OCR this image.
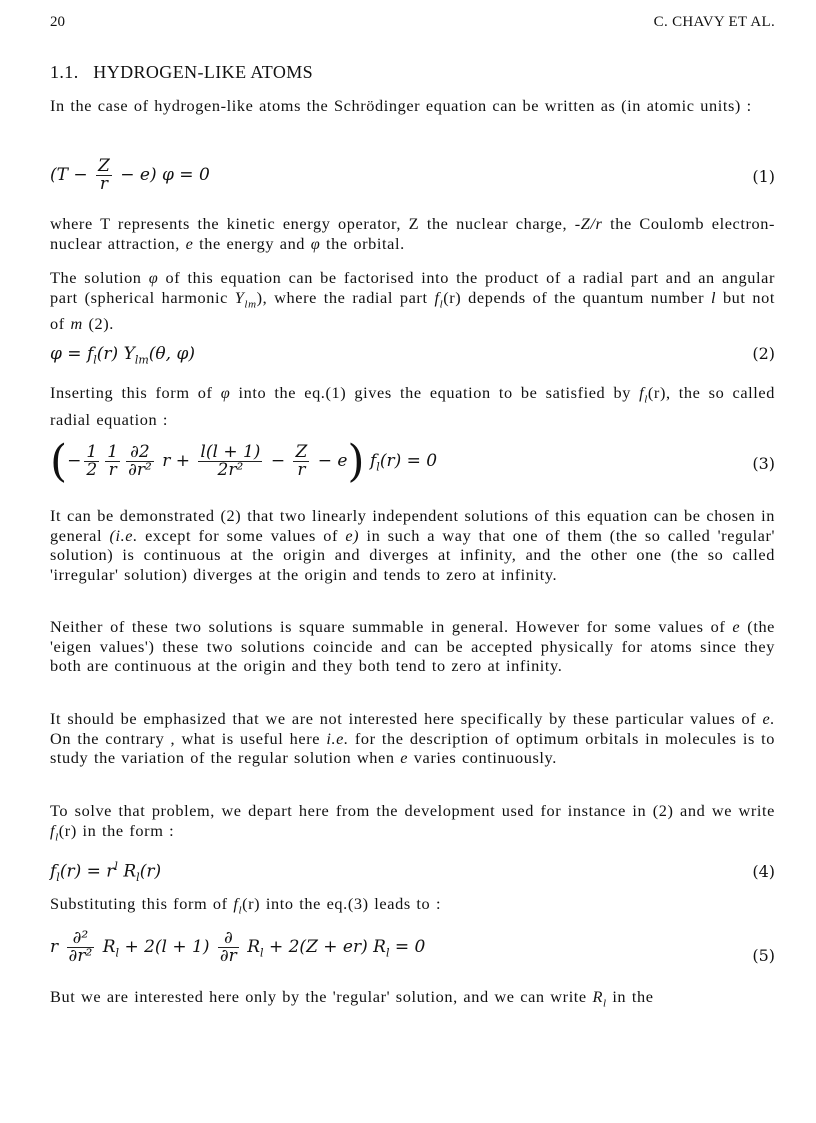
20	C. CHAVY ET AL.
1.1.   HYDROGEN-LIKE ATOMS
In the case of hydrogen-like atoms the Schrödinger equation can be written as (in atomic units) :
$(T - \frac{Z}{r} - e)$ φ = 0	(1)
where T represents the kinetic energy operator, Z the nuclear charge, -Z/r the Coulomb electron-nuclear attraction, e the energy and φ the orbital.
The solution φ of this equation can be factorised into the product of a radial part and an angular part (spherical harmonic $Y_{lm}$), where the radial part $f_l(r)$ depends of the quantum number l but not of m (2).
$\varphi = f_l(r)$ $Y_{lm}(\theta$, φ)	(2)
Inserting this form of φ into the eq.(1) gives the equation to be satisfied by $f_l(r)$, the so called radial equation :
(− $\frac{1}{2} \frac{1}{r} \frac{\partial 2}{\text{∂r²}}$ $r + \frac{l(l + 1)}{\text{2r²}} - \frac{Z}{r} - e$) $f_l(r) = 0$	(3)
It can be demonstrated (2) that two linearly independent solutions of this equation can be chosen in general (i.e. except for some values of e) in such a way that one of them (the so called 'regular' solution) is continuous at the origin and diverges at infinity, and the other one (the so called 'irregular' solution) diverges at the origin and tends to zero at infinity.
Neither of these two solutions is square summable in general. However for some values of e (the 'eigen values') these two solutions coincide and can be accepted physically for atoms since they both are continuous at the origin and they both tend to zero at infinity.
It should be emphasized that we are not interested here specifically by these particular values of e. On the contrary , what is useful here i.e. for the description of optimum orbitals in molecules is to study the variation of the regular solution when e varies continuously.
To solve that problem, we depart here from the development used for instance in (2) and we write $f_l(r)$ in the form :
$f_l(r) = r^l$ $R_l(r)$	(4)
Substituting this form of $f_l(r)$ into the eq.(3) leads to :
r $\frac{\text{∂²}}{\text{∂r²}} R_l + 2(l + 1) \frac{\partial}{\partial r} R_l + 2(Z + er) R_l = 0$	(5)
But we are interested here only by the 'regular' solution, and we can write $R_l$ in the
